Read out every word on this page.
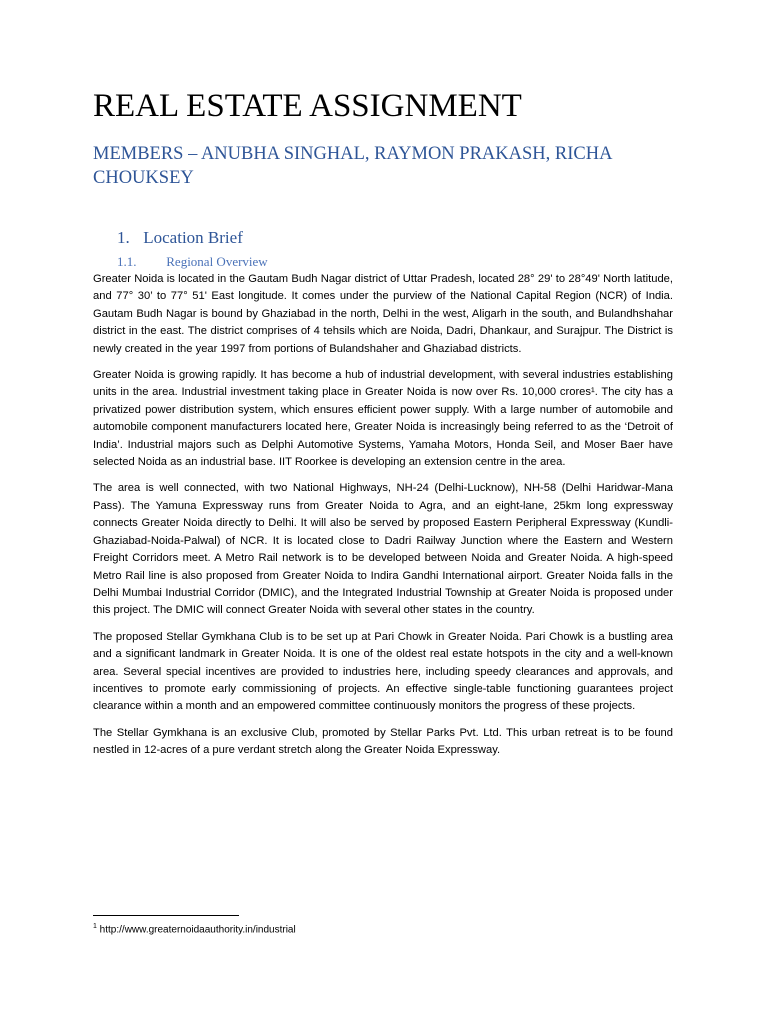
REAL ESTATE ASSIGNMENT
MEMBERS – ANUBHA SINGHAL, RAYMON PRAKASH, RICHA CHOUKSEY
1. Location Brief
1.1. Regional Overview

Greater Noida is located in the Gautam Budh Nagar district of Uttar Pradesh, located 28° 29' to 28°49' North latitude, and 77° 30’ to 77° 51' East longitude. It comes under the purview of the National Capital Region (NCR) of India. Gautam Budh Nagar is bound by Ghaziabad in the north, Delhi in the west, Aligarh in the south, and Bulandhshahar district in the east. The district comprises of 4 tehsils which are Noida, Dadri, Dhankaur, and Surajpur. The District is newly created in the year 1997 from portions of Bulandshaher and Ghaziabad districts.

Greater Noida is growing rapidly. It has become a hub of industrial development, with several industries establishing units in the area. Industrial investment taking place in Greater Noida is now over Rs. 10,000 crores¹. The city has a privatized power distribution system, which ensures efficient power supply. With a large number of automobile and automobile component manufacturers located here, Greater Noida is increasingly being referred to as the ‘Detroit of India’. Industrial majors such as Delphi Automotive Systems, Yamaha Motors, Honda Seil, and Moser Baer have selected Noida as an industrial base. IIT Roorkee is developing an extension centre in the area.

The area is well connected, with two National Highways, NH-24 (Delhi-Lucknow), NH-58 (Delhi Haridwar-Mana Pass). The Yamuna Expressway runs from Greater Noida to Agra, and an eight-lane, 25km long expressway connects Greater Noida directly to Delhi. It will also be served by proposed Eastern Peripheral Expressway (Kundli-Ghaziabad-Noida-Palwal) of NCR. It is located close to Dadri Railway Junction where the Eastern and Western Freight Corridors meet. A Metro Rail network is to be developed between Noida and Greater Noida. A high-speed Metro Rail line is also proposed from Greater Noida to Indira Gandhi International airport. Greater Noida falls in the Delhi Mumbai Industrial Corridor (DMIC), and the Integrated Industrial Township at Greater Noida is proposed under this project. The DMIC will connect Greater Noida with several other states in the country.

The proposed Stellar Gymkhana Club is to be set up at Pari Chowk in Greater Noida. Pari Chowk is a bustling area and a significant landmark in Greater Noida. It is one of the oldest real estate hotspots in the city and a well-known area. Several special incentives are provided to industries here, including speedy clearances and approvals, and incentives to promote early commissioning of projects. An effective single-table functioning guarantees project clearance within a month and an empowered committee continuously monitors the progress of these projects.

The Stellar Gymkhana is an exclusive Club, promoted by Stellar Parks Pvt. Ltd. This urban retreat is to be found nestled in 12-acres of a pure verdant stretch along the Greater Noida Expressway.

$^1$ http://www.greaternoidaauthority.in/industrial
